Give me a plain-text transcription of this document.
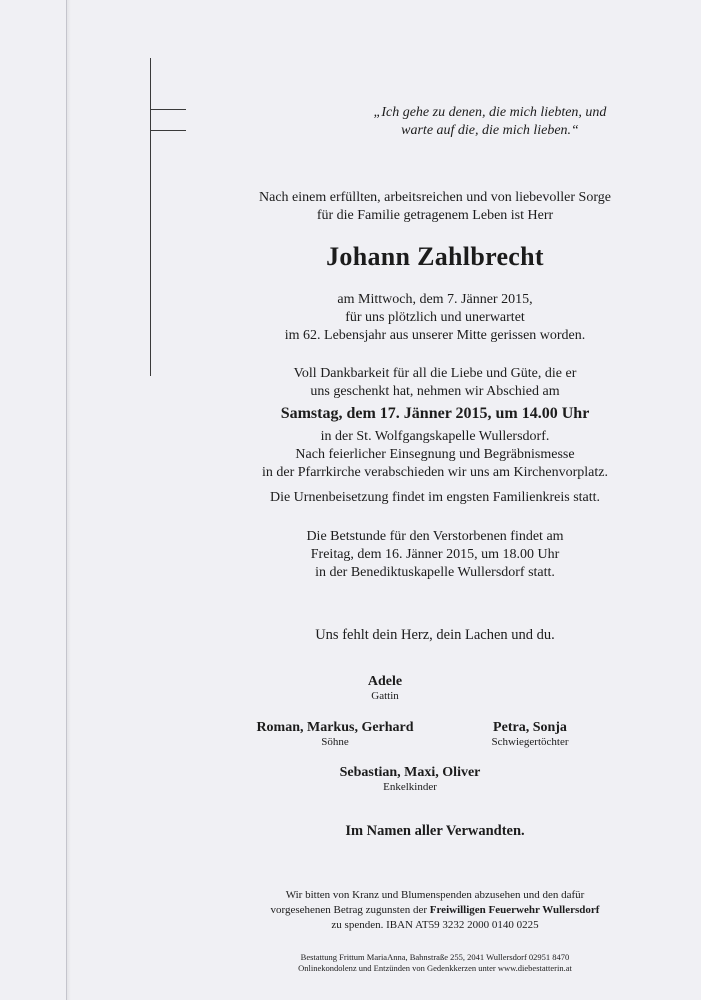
„Ich gehe zu denen, die mich liebten, und
warte auf die, die mich lieben.“
Nach einem erfüllten, arbeitsreichen und von liebevoller Sorge
für die Familie getragenem Leben ist Herr
Johann Zahlbrecht
am Mittwoch, dem 7. Jänner 2015,
für uns plötzlich und unerwartet
im 62. Lebensjahr aus unserer Mitte gerissen worden.
Voll Dankbarkeit für all die Liebe und Güte, die er
uns geschenkt hat, nehmen wir Abschied am
Samstag, dem 17. Jänner 2015, um 14.00 Uhr
in der St. Wolfgangskapelle Wullersdorf.
Nach feierlicher Einsegnung und Begräbnismesse
in der Pfarrkirche verabschieden wir uns am Kirchenvorplatz.
Die Urnenbeisetzung findet im engsten Familienkreis statt.
Die Betstunde für den Verstorbenen findet am
Freitag, dem 16. Jänner 2015, um 18.00 Uhr
in der Benediktuskapelle Wullersdorf statt.
Uns fehlt dein Herz, dein Lachen und du.
Adele
Gattin
Roman, Markus, Gerhard
Söhne
Petra, Sonja
Schwiegertöchter
Sebastian, Maxi, Oliver
Enkelkinder
Im Namen aller Verwandten.
Wir bitten von Kranz und Blumenspenden abzusehen und den dafür
vorgesehenen Betrag zugunsten der Freiwilligen Feuerwehr Wullersdorf
zu spenden. IBAN AT59 3232 2000 0140 0225
Bestattung Frittum MariaAnna, Bahnstraße 255, 2041 Wullersdorf 02951 8470
Onlinekondolenz und Entzünden von Gedenkkerzen unter www.diebestatterin.at
